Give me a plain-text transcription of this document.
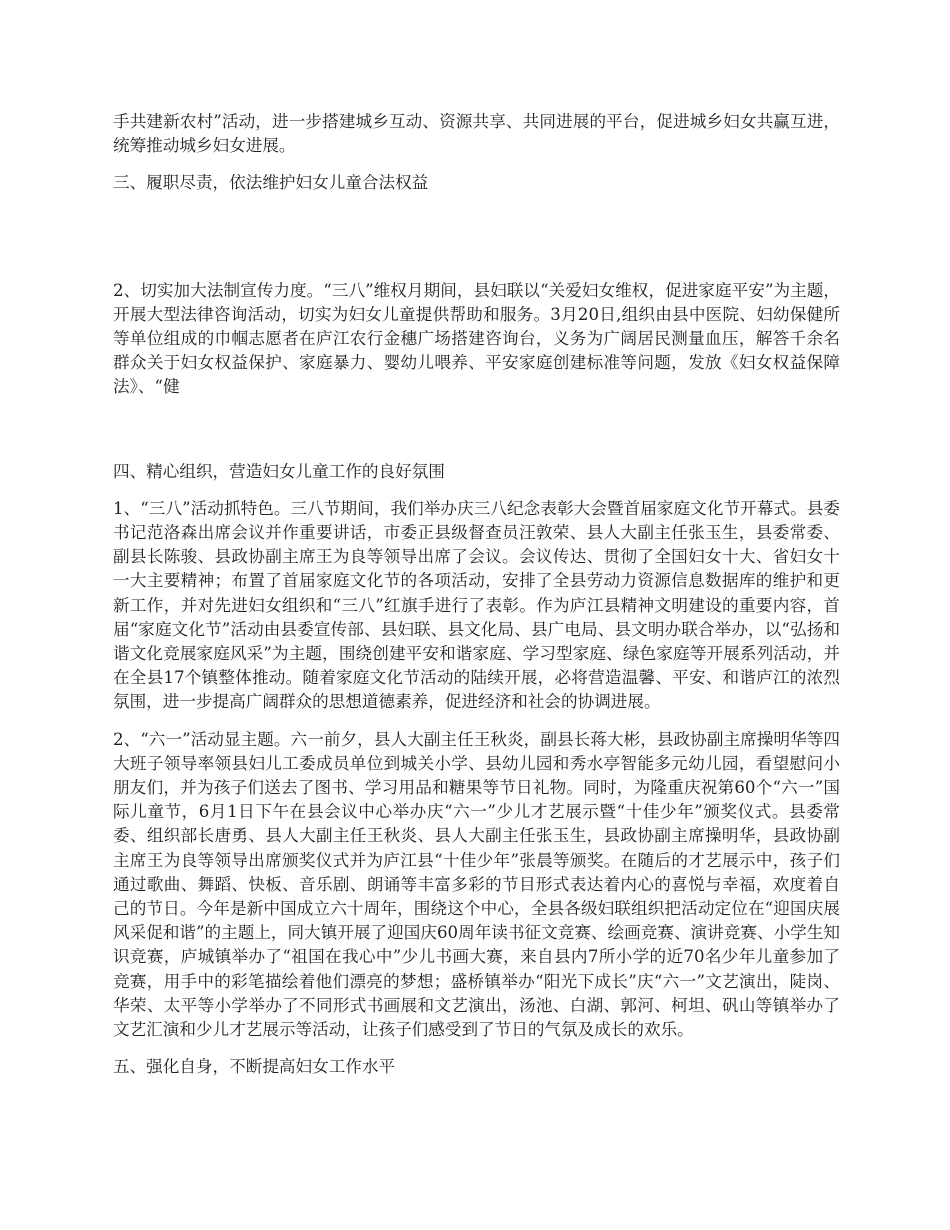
手共建新农村”活动，进一步搭建城乡互动、资源共享、共同进展的平台，促进城乡妇女共赢互进，统筹推动城乡妇女进展。

三、履职尽责，依法维护妇女儿童合法权益

2、切实加大法制宣传力度。“三八”维权月期间，县妇联以“关爱妇女维权，促进家庭平安”为主题，开展大型法律咨询活动，切实为妇女儿童提供帮助和服务。3月20日,组织由县中医院、妇幼保健所等单位组成的巾帼志愿者在庐江农行金穗广场搭建咨询台，义务为广阔居民测量血压，解答千余名群众关于妇女权益保护、家庭暴力、婴幼儿喂养、平安家庭创建标准等问题，发放《妇女权益保障法》、“健

四、精心组织，营造妇女儿童工作的良好氛围

1、“三八”活动抓特色。三八节期间，我们举办庆三八纪念表彰大会暨首届家庭文化节开幕式。县委书记范洛森出席会议并作重要讲话，市委正县级督查员汪敦荣、县人大副主任张玉生，县委常委、副县长陈骏、县政协副主席王为良等领导出席了会议。会议传达、贯彻了全国妇女十大、省妇女十一大主要精神；布置了首届家庭文化节的各项活动，安排了全县劳动力资源信息数据库的维护和更新工作，并对先进妇女组织和“三八”红旗手进行了表彰。作为庐江县精神文明建设的重要内容，首届“家庭文化节”活动由县委宣传部、县妇联、县文化局、县广电局、县文明办联合举办，以“弘扬和谐文化竞展家庭风采”为主题，围绕创建平安和谐家庭、学习型家庭、绿色家庭等开展系列活动，并在全县17个镇整体推动。随着家庭文化节活动的陆续开展，必将营造温馨、平安、和谐庐江的浓烈氛围，进一步提高广阔群众的思想道德素养，促进经济和社会的协调进展。

2、“六一”活动显主题。六一前夕，县人大副主任王秋炎，副县长蒋大彬，县政协副主席操明华等四大班子领导率领县妇儿工委成员单位到城关小学、县幼儿园和秀水亭智能多元幼儿园，看望慰问小朋友们，并为孩子们送去了图书、学习用品和糖果等节日礼物。同时，为隆重庆祝第60个“六一”国际儿童节，6月1日下午在县会议中心举办庆“六一”少儿才艺展示暨“十佳少年”颁奖仪式。县委常委、组织部长唐勇、县人大副主任王秋炎、县人大副主任张玉生，县政协副主席操明华，县政协副主席王为良等领导出席颁奖仪式并为庐江县“十佳少年”张晨等颁奖。在随后的才艺展示中，孩子们通过歌曲、舞蹈、快板、音乐剧、朗诵等丰富多彩的节目形式表达着内心的喜悦与幸福，欢度着自己的节日。今年是新中国成立六十周年，围绕这个中心，全县各级妇联组织把活动定位在“迎国庆展风采促和谐”的主题上，同大镇开展了迎国庆60周年读书征文竞赛、绘画竞赛、演讲竞赛、小学生知识竞赛，庐城镇举办了“祖国在我心中”少儿书画大赛，来自县内7所小学的近70名少年儿童参加了竞赛，用手中的彩笔描绘着他们漂亮的梦想；盛桥镇举办“阳光下成长”庆“六一”文艺演出，陡岗、华荣、太平等小学举办了不同形式书画展和文艺演出，汤池、白湖、郭河、柯坦、矾山等镇举办了文艺汇演和少儿才艺展示等活动，让孩子们感受到了节日的气氛及成长的欢乐。

五、强化自身，不断提高妇女工作水平
